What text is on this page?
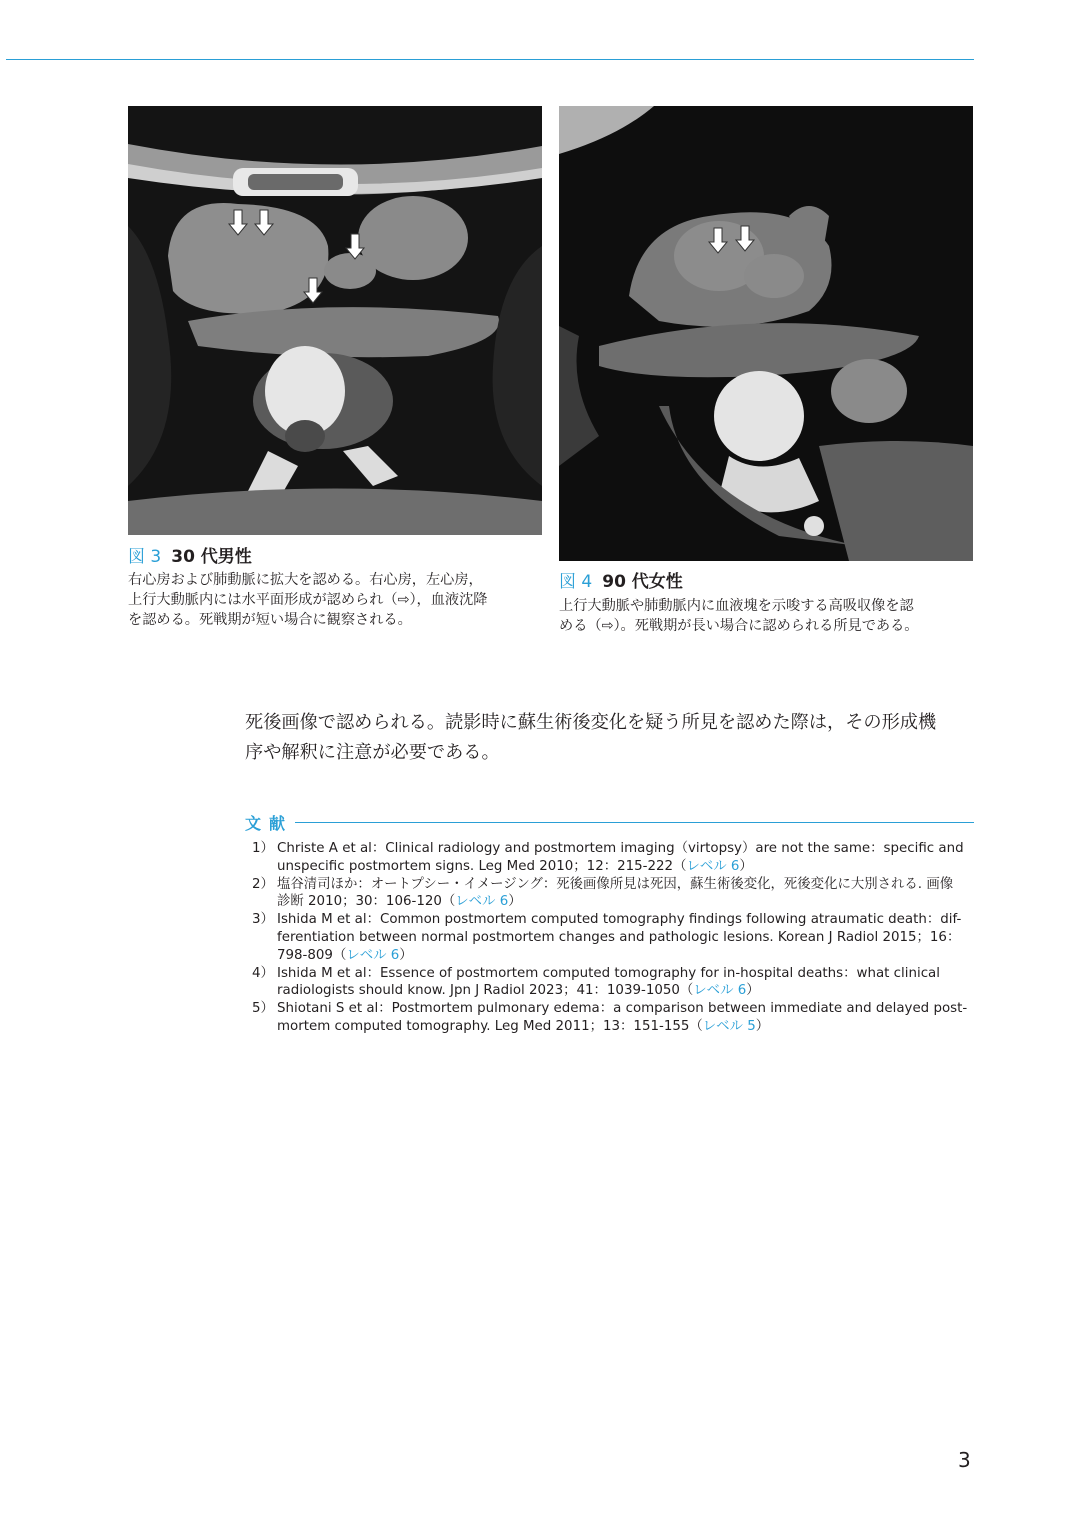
図 3 30 代男性
右心房および肺動脈に拡大を認める。右心房，左心房，
上行大動脈内には水平面形成が認められ（⇨），血液沈降
を認める。死戦期が短い場合に観察される。
図 4 90 代女性
上行大動脈や肺動脈内に血液塊を示唆する高吸収像を認
める（⇨）。死戦期が長い場合に認められる所見である。
死後画像で認められる。読影時に蘇生術後変化を疑う所見を認めた際は，その形成機
序や解釈に注意が必要である。
文献
1） Christe A et al：Clinical radiology and postmortem imaging（virtopsy）are not the same：specific and
unspecific postmortem signs. Leg Med 2010；12：215-222（レベル 6）
2） 塩谷清司ほか：オートプシー・イメージング：死後画像所見は死因，蘇生術後変化，死後変化に大別される. 画像
診断 2010；30：106-120（レベル 6）
3） Ishida M et al：Common postmortem computed tomography findings following atraumatic death：dif-
ferentiation between normal postmortem changes and pathologic lesions. Korean J Radiol 2015；16：
798-809（レベル 6）
4） Ishida M et al：Essence of postmortem computed tomography for in-hospital deaths：what clinical
radiologists should know. Jpn J Radiol 2023；41：1039-1050（レベル 6）
5） Shiotani S et al：Postmortem pulmonary edema：a comparison between immediate and delayed post-
mortem computed tomography. Leg Med 2011；13：151-155（レベル 5）
3
